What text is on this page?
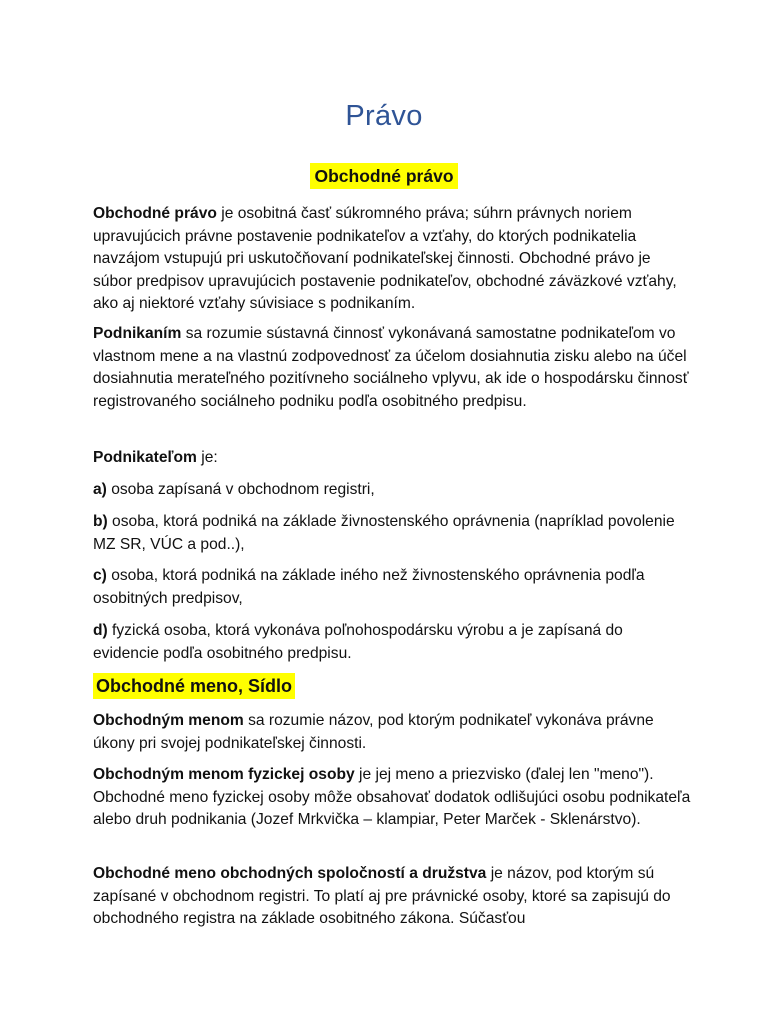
Právo
Obchodné právo

Obchodné právo je osobitná časť súkromného práva; súhrn právnych noriem upravujúcich právne postavenie podnikateľov a vzťahy, do ktorých podnikatelia navzájom vstupujú pri uskutočňovaní podnikateľskej činnosti. Obchodné právo je súbor predpisov upravujúcich postavenie podnikateľov, obchodné záväzkové vzťahy, ako aj niektoré vzťahy súvisiace s podnikaním.

Podnikaním sa rozumie sústavná činnosť vykonávaná samostatne podnikateľom vo vlastnom mene a na vlastnú zodpovednosť za účelom dosiahnutia zisku alebo na účel dosiahnutia merateľného pozitívneho sociálneho vplyvu, ak ide o hospodársku činnosť registrovaného sociálneho podniku podľa osobitného predpisu.

Podnikateľom je:

a) osoba zapísaná v obchodnom registri,

b) osoba, ktorá podniká na základe živnostenského oprávnenia (napríklad povolenie MZ SR, VÚC a pod..),

c) osoba, ktorá podniká na základe iného než živnostenského oprávnenia podľa osobitných predpisov,

d) fyzická osoba, ktorá vykonáva poľnohospodársku výrobu a je zapísaná do evidencie podľa osobitného predpisu.

Obchodné meno, Sídlo

Obchodným menom sa rozumie názov, pod ktorým podnikateľ vykonáva právne úkony pri svojej podnikateľskej činnosti.

Obchodným menom fyzickej osoby je jej meno a priezvisko (ďalej len "meno"). Obchodné meno fyzickej osoby môže obsahovať dodatok odlišujúci osobu podnikateľa alebo druh podnikania (Jozef Mrkvička – klampiar, Peter Marček - Sklenárstvo).

Obchodné meno obchodných spoločností a družstva je názov, pod ktorým sú zapísané v obchodnom registri. To platí aj pre právnické osoby, ktoré sa zapisujú do obchodného registra na základe osobitného zákona. Súčasťou
